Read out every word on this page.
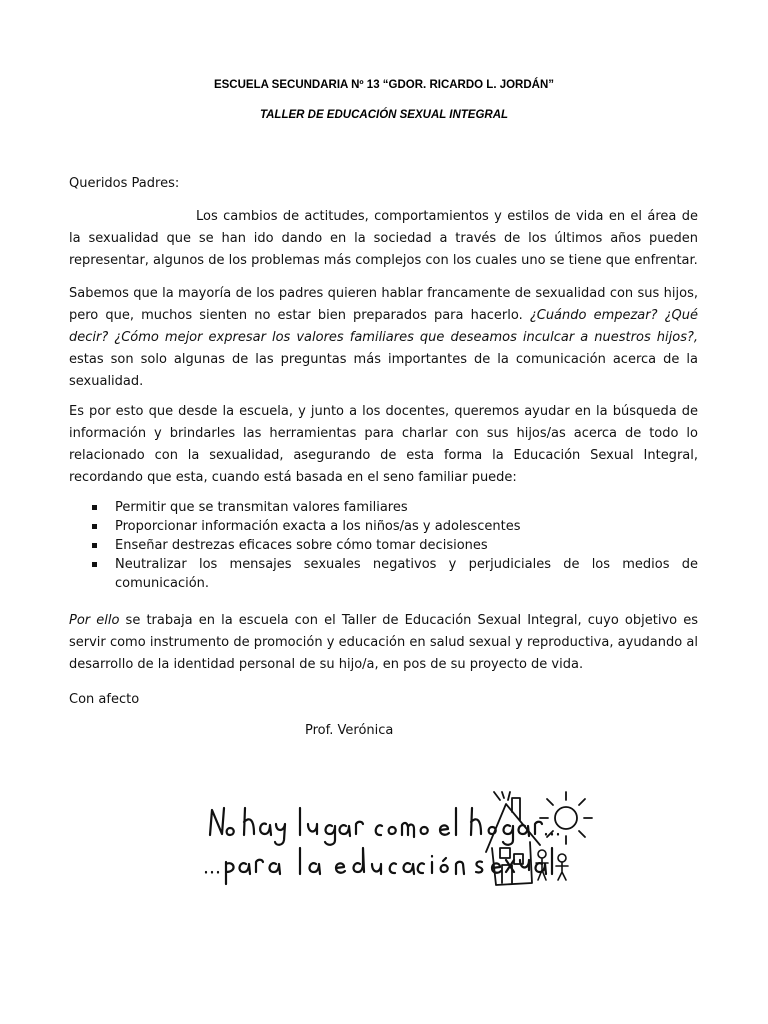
ESCUELA SECUNDARIA Nº 13 “GDOR. RICARDO L. JORDÁN”
TALLER DE EDUCACIÓN SEXUAL INTEGRAL
Queridos Padres:

Los cambios de actitudes, comportamientos y estilos de vida en el área de la sexualidad que se han ido dando en la sociedad a través de los últimos años pueden representar, algunos de los problemas más complejos con los cuales uno se tiene que enfrentar.

Sabemos que la mayoría de los padres quieren hablar francamente de sexualidad con sus hijos, pero que, muchos sienten no estar bien preparados para hacerlo. ¿Cuándo empezar? ¿Qué decir? ¿Cómo mejor expresar los valores familiares que deseamos inculcar a nuestros hijos?, estas son solo algunas de las preguntas más importantes de la comunicación acerca de la sexualidad.

Es por esto que desde la escuela, y junto a los docentes, queremos ayudar en la búsqueda de información y brindarles las herramientas para charlar con sus hijos/as acerca de todo lo relacionado con la sexualidad, asegurando de esta forma la Educación Sexual Integral, recordando que esta, cuando está basada en el seno familiar puede:

Permitir que se transmitan valores familiares
Proporcionar información exacta a los niños/as y adolescentes
Enseñar destrezas eficaces sobre cómo tomar decisiones
Neutralizar los mensajes sexuales negativos y perjudiciales de los medios de comunicación.

Por ello se trabaja en la escuela con el Taller de Educación Sexual Integral, cuyo objetivo es servir como instrumento de promoción y educación en salud sexual y reproductiva, ayudando al desarrollo de la identidad personal de su hijo/a, en pos de su proyecto de vida.

Con afecto
Prof. Verónica
